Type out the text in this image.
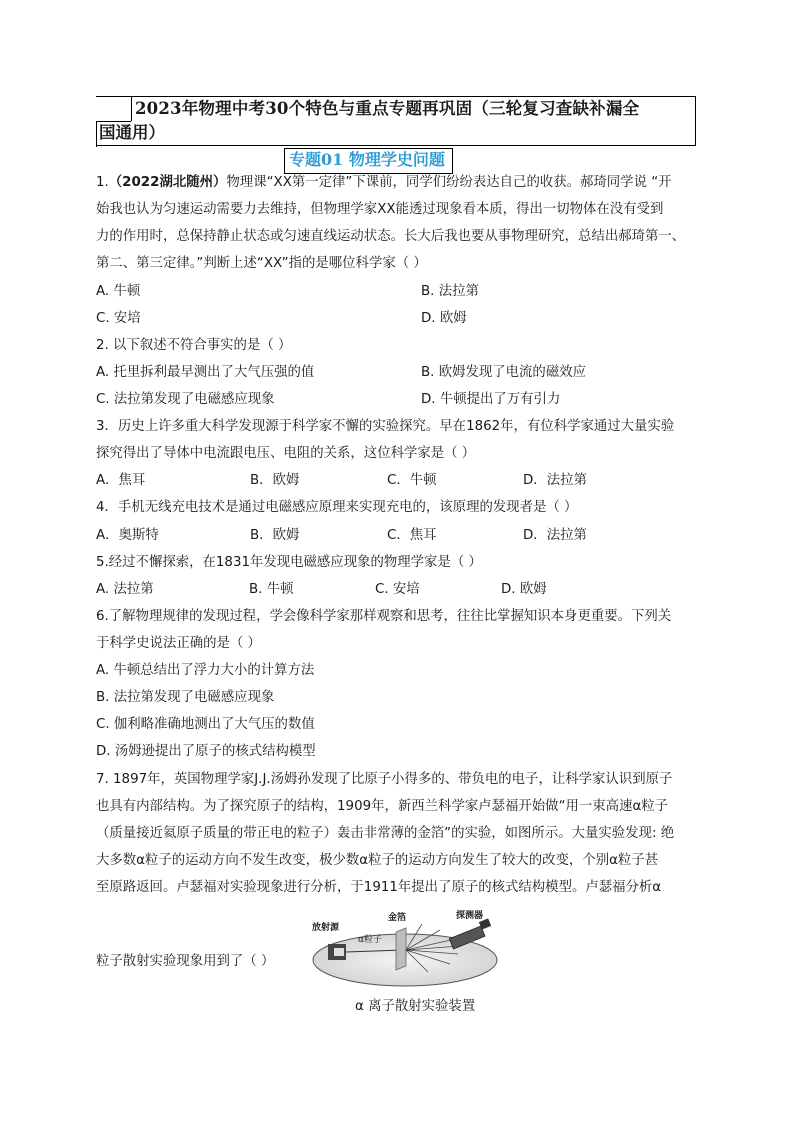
2023年物理中考30个特色与重点专题再巩固（三轮复习查缺补漏全
国通用）
专题01 物理学史问题
1.（2022湖北随州）物理课“XX第一定律”下课前，同学们纷纷表达自己的收获。郝琦同学说 “开
始我也认为匀速运动需要力去维持，但物理学家XX能透过现象看本质，得出一切物体在没有受到
力的作用时，总保持静止状态或匀速直线运动状态。长大后我也要从事物理研究，总结出郝琦第一、
第二、第三定律。”判断上述“XX”指的是哪位科学家（ ）
A. 牛顿	B. 法拉第
C. 安培	D. 欧姆
2. 以下叙述不符合事实的是（ ）
A. 托里拆利最早测出了大气压强的值	B. 欧姆发现了电流的磁效应
C. 法拉第发现了电磁感应现象	D. 牛顿提出了万有引力
3．历史上许多重大科学发现源于科学家不懈的实验探究。早在1862年，有位科学家通过大量实验
探究得出了导体中电流跟电压、电阻的关系，这位科学家是（ ）
A．焦耳	B．欧姆	C．牛顿	D．法拉第
4．手机无线充电技术是通过电磁感应原理来实现充电的，该原理的发现者是（ ）
A．奥斯特	B．欧姆	C．焦耳	D．法拉第
5.经过不懈探索，在1831年发现电磁感应现象的物理学家是（ ）
A. 法拉第	B. 牛顿	C. 安培	D. 欧姆
6.了解物理规律的发现过程，学会像科学家那样观察和思考，往往比掌握知识本身更重要。下列关
于科学史说法正确的是（ ）
A. 牛顿总结出了浮力大小的计算方法
B. 法拉第发现了电磁感应现象
C. 伽利略准确地测出了大气压的数值
D. 汤姆逊提出了原子的核式结构模型
7. 1897年，英国物理学家J.J.汤姆孙发现了比原子小得多的、带负电的电子，让科学家认识到原子
也具有内部结构。为了探究原子的结构，1909年，新西兰科学家卢瑟福开始做“用一束高速α粒子
（质量接近氦原子质量的带正电的粒子）轰击非常薄的金箔”的实验，如图所示。大量实验发现: 绝
大多数α粒子的运动方向不发生改变，极少数α粒子的运动方向发生了较大的改变，个别α粒子甚
至原路返回。卢瑟福对实验现象进行分析，于1911年提出了原子的核式结构模型。卢瑟福分析α
粒子散射实验现象用到了（ ）
放射源
金箔	探测器
α粒子
α 离子散射实验装置
